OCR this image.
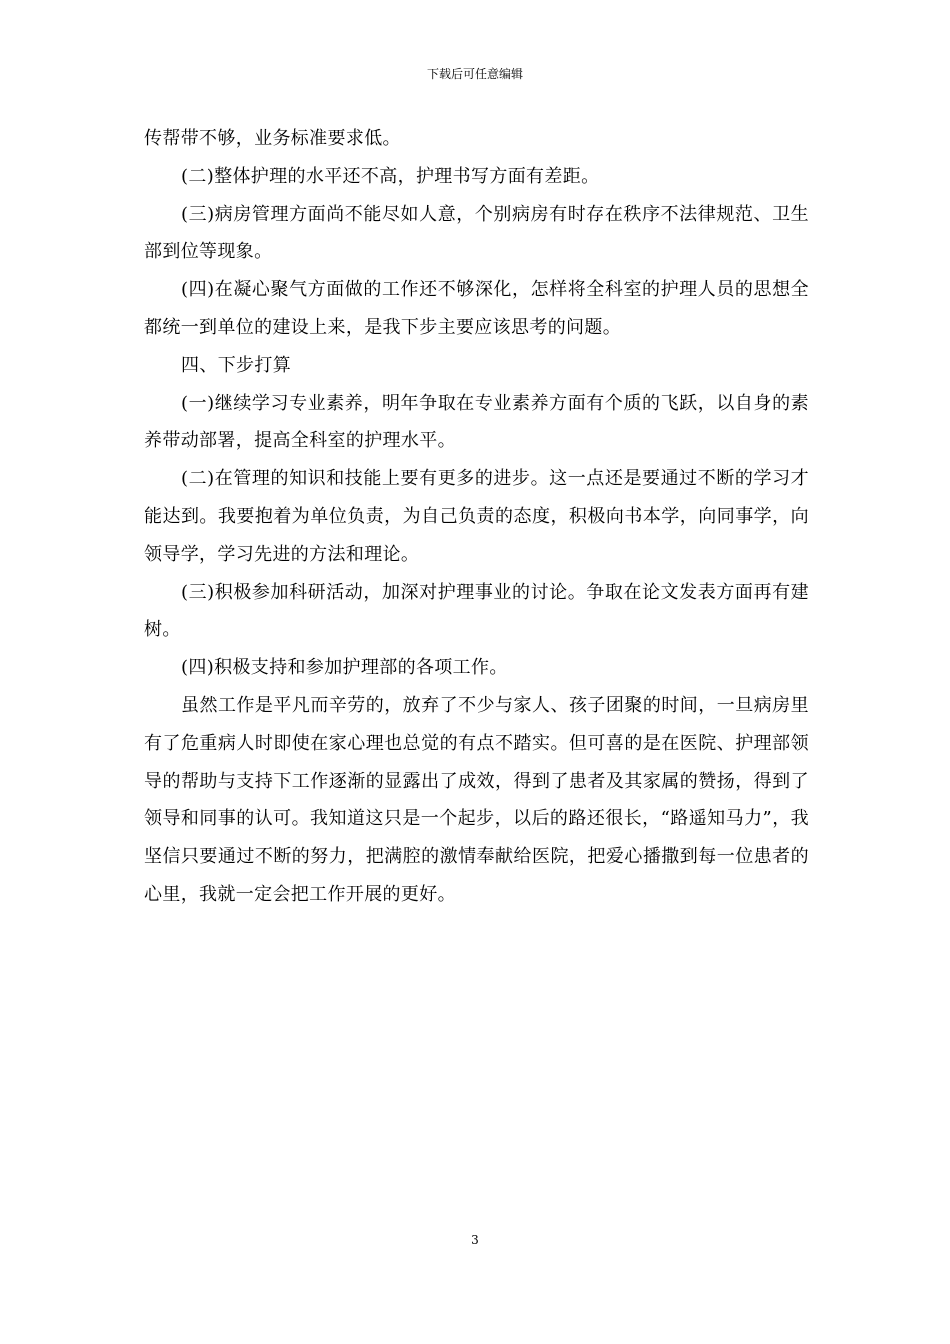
下载后可任意编辑

传帮带不够，业务标准要求低。

(二)整体护理的水平还不高，护理书写方面有差距。

(三)病房管理方面尚不能尽如人意，个别病房有时存在秩序不法律规范、卫生部到位等现象。

(四)在凝心聚气方面做的工作还不够深化，怎样将全科室的护理人员的思想全都统一到单位的建设上来，是我下步主要应该思考的问题。

四、下步打算

(一)继续学习专业素养，明年争取在专业素养方面有个质的飞跃，以自身的素养带动部署，提高全科室的护理水平。

(二)在管理的知识和技能上要有更多的进步。这一点还是要通过不断的学习才能达到。我要抱着为单位负责，为自己负责的态度，积极向书本学，向同事学，向领导学，学习先进的方法和理论。

(三)积极参加科研活动，加深对护理事业的讨论。争取在论文发表方面再有建树。

(四)积极支持和参加护理部的各项工作。

虽然工作是平凡而辛劳的，放弃了不少与家人、孩子团聚的时间，一旦病房里有了危重病人时即使在家心理也总觉的有点不踏实。但可喜的是在医院、护理部领导的帮助与支持下工作逐渐的显露出了成效，得到了患者及其家属的赞扬，得到了领导和同事的认可。我知道这只是一个起步，以后的路还很长，“路遥知马力”，我坚信只要通过不断的努力，把满腔的激情奉献给医院，把爱心播撒到每一位患者的心里，我就一定会把工作开展的更好。

3
